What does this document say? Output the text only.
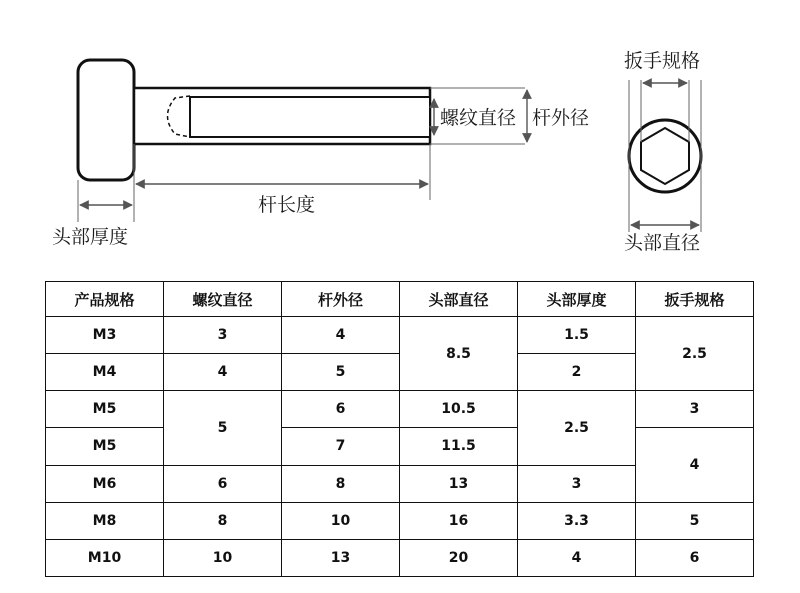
螺纹直径 杆外径
杆长度
头部厚度
扳手规格
头部直径
产品规格	螺纹直径	杆外径	头部直径	头部厚度	扳手规格
M3	3	4	8.5	1.5	2.5
M4	4	5		2	
M5	5	6	10.5	2.5	3
M5		7	11.5		4
M6	6	8	13	3	
M8	8	10	16	3.3	5
M10	10	13	20	4	6
